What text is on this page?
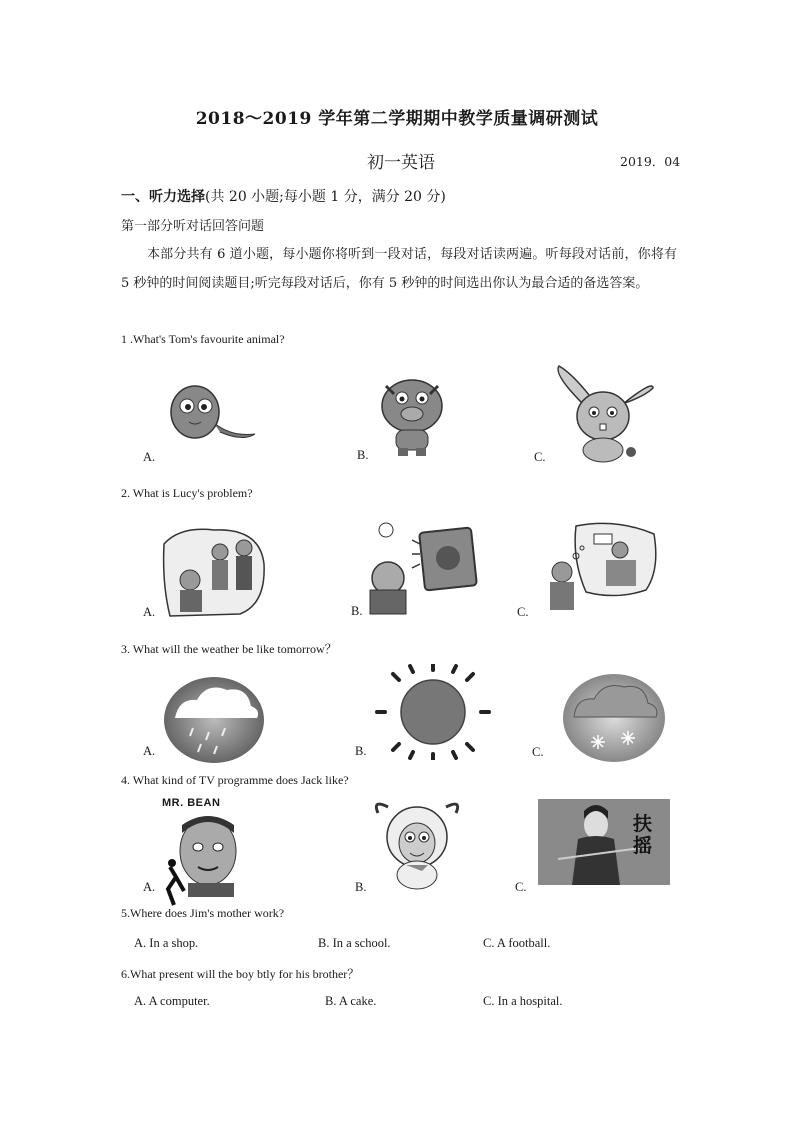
2018～2019 学年第二学期期中教学质量调研测试
初一英语	2019．04
一、听力选择(共 20 小题;每小题 1 分，满分 20 分)
第一部分听对话回答问题
本部分共有 6 道小题，每小题你将听到一段对话，每段对话读两遍。听每段对话前，你将有 5 秒钟的时间阅读题目;听完每段对话后，你有 5 秒钟的时间选出你认为最合适的备选答案。
1 .What's Tom's favourite animal?
A.	B.	C.
2. What is Lucy's problem?
A.	B.	C.
3. What will the weather be like tomorrow？
A.	B.	C.
4. What kind of TV programme does Jack like?
A.	B.	C.
MR. BEAN
扶摇
5.Where does Jim's mother work?
A. In a shop.	B. In a school.	C. A football.
6.What present will the boy btly for his brother？
A. A computer.	B. A cake.	C. In a hospital.
